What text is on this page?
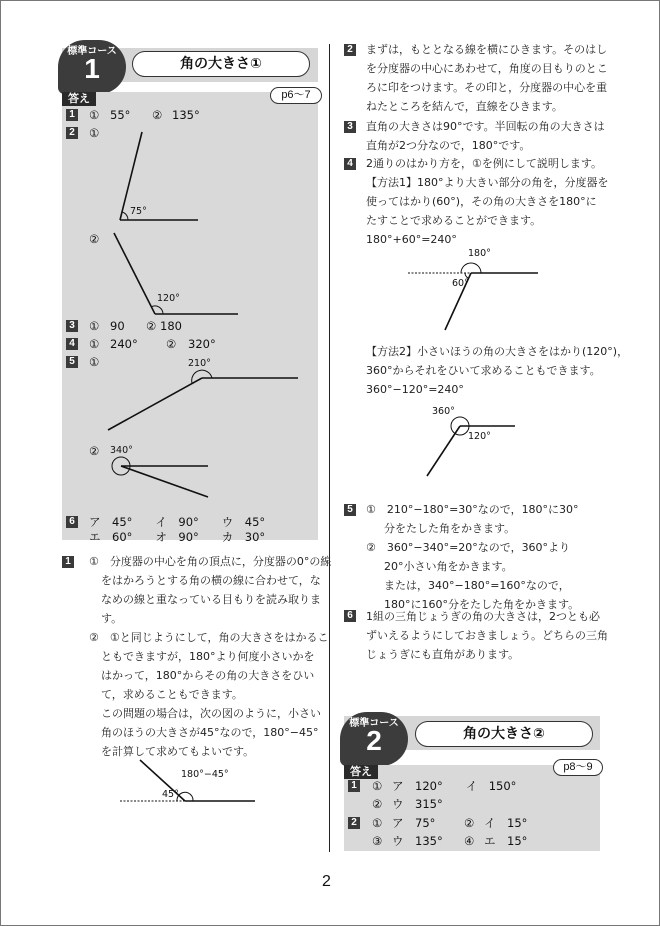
標準コース
1	角の大きさ①
答え	p6～7
1 ① 55° ② 135°
2 ①
75°
②
120°
3 ① 90 ② 180
4 ① 240° ② 320°
5 ①	210°
② 340°
6 ア　45°　　イ　90°　　ウ　45°
エ　60°　　オ　90°　　カ　30°
1 ①　分度器の中心を角の頂点に，分度器の0°の線
をはかろうとする角の横の線に合わせて，な
なめの線と重なっている目もりを読み取りま
す。
②　①と同じようにして，角の大きさをはかるこ
ともできますが，180°より何度小さいかを
はかって，180°からその角の大きさをひい
て，求めることもできます。
この問題の場合は，次の図のように，小さい
角のほうの大きさが45°なので，180°−45°
を計算して求めてもよいです。
180°−45°
45°
2 まずは，もととなる線を横にひきます。そのはし
を分度器の中心にあわせて，角度の目もりのとこ
ろに印をつけます。その印と，分度器の中心を重
ねたところを結んで，直線をひきます。
3 直角の大きさは90°です。半回転の角の大きさは
直角が2つ分なので，180°です。
4 2通りのはかり方を，①を例にして説明します。
【方法1】180°より大きい部分の角を，分度器を
使ってはかり(60°)，その角の大きさを180°に
たすことで求めることができます。
180°+60°=240°
180°
60°
【方法2】小さいほうの角の大きさをはかり(120°)，
360°からそれをひいて求めることもできます。
360°−120°=240°
360°
120°
5 ①　210°−180°=30°なので，180°に30°
分をたした角をかきます。
②　360°−340°=20°なので，360°より
20°小さい角をかきます。
または，340°−180°=160°なので，
180°に160°分をたした角をかきます。
6 1組の三角じょうぎの角の大きさは，2つとも必
ずいえるようにしておきましょう。どちらの三角
じょうぎにも直角があります。
標準コース
2	角の大きさ②
答え	p8～9
1 ① ア　120°　　イ　150°
② ウ　315°
2 ① ア　75° ② イ　15°
③ ウ　135° ④ エ　15°
2
